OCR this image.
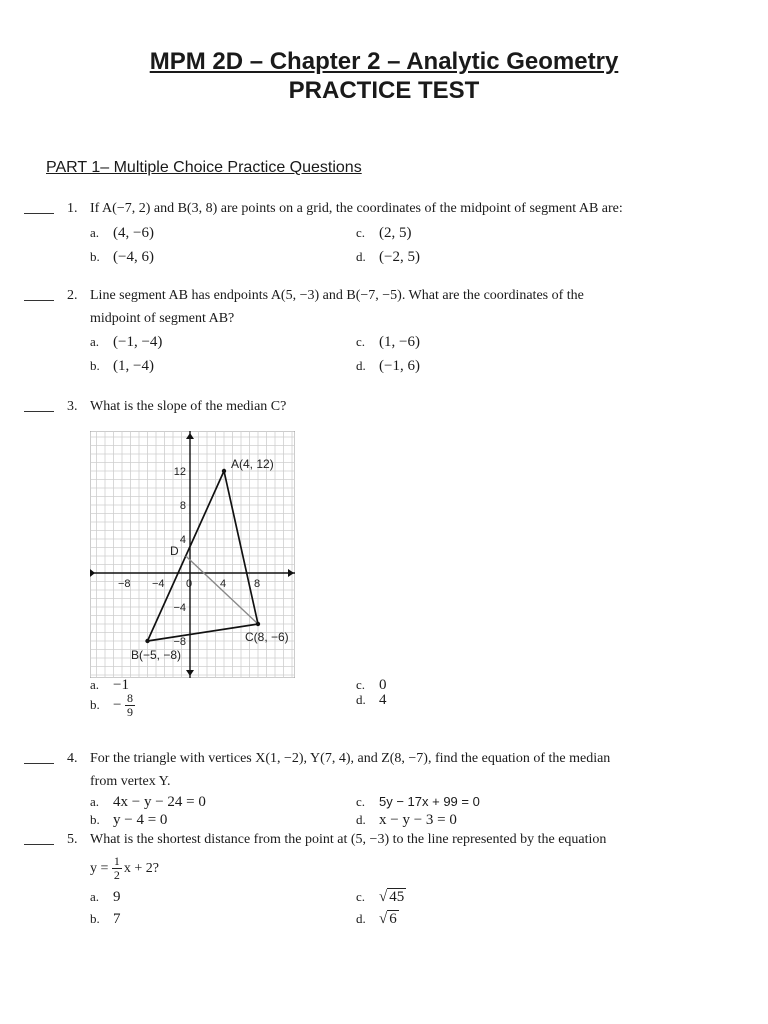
MPM 2D – Chapter 2 – Analytic Geometry
PRACTICE TEST

PART 1– Multiple Choice Practice Questions

1. If A(−7, 2) and B(3, 8) are points on a grid, the coordinates of the midpoint of segment AB are:
a. (4, −6)	c. (2, 5)
b. (−4, 6)	d. (−2, 5)
2. Line segment AB has endpoints A(5, −3) and B(−7, −5). What are the coordinates of the
midpoint of segment AB?
a. (−1, −4)	c. (1, −6)
b. (1, −4)	d. (−1, 6)
3. What is the slope of the median C?
−8 −4 0	4	8
12
8
4
−4
−8
A(4, 12)
B(−5, −8)
C(8, −6)
D
a. −1	c. 0
b. − $\frac{8}{9}$	d. 4
4. For the triangle with vertices X(1, −2), Y(7, 4), and Z(8, −7), find the equation of the median
from vertex Y.
a. 4x − y − 24 = 0	c. 5y − 17x + 99 = 0
b. y − 4 = 0	d. x − y − 3 = 0
5. What is the shortest distance from the point at (5, −3) to the line represented by the equation
$y = \frac{1}{2}$ x + 2?
a. 9	c. √ 45
b. 7	d. √ 6
